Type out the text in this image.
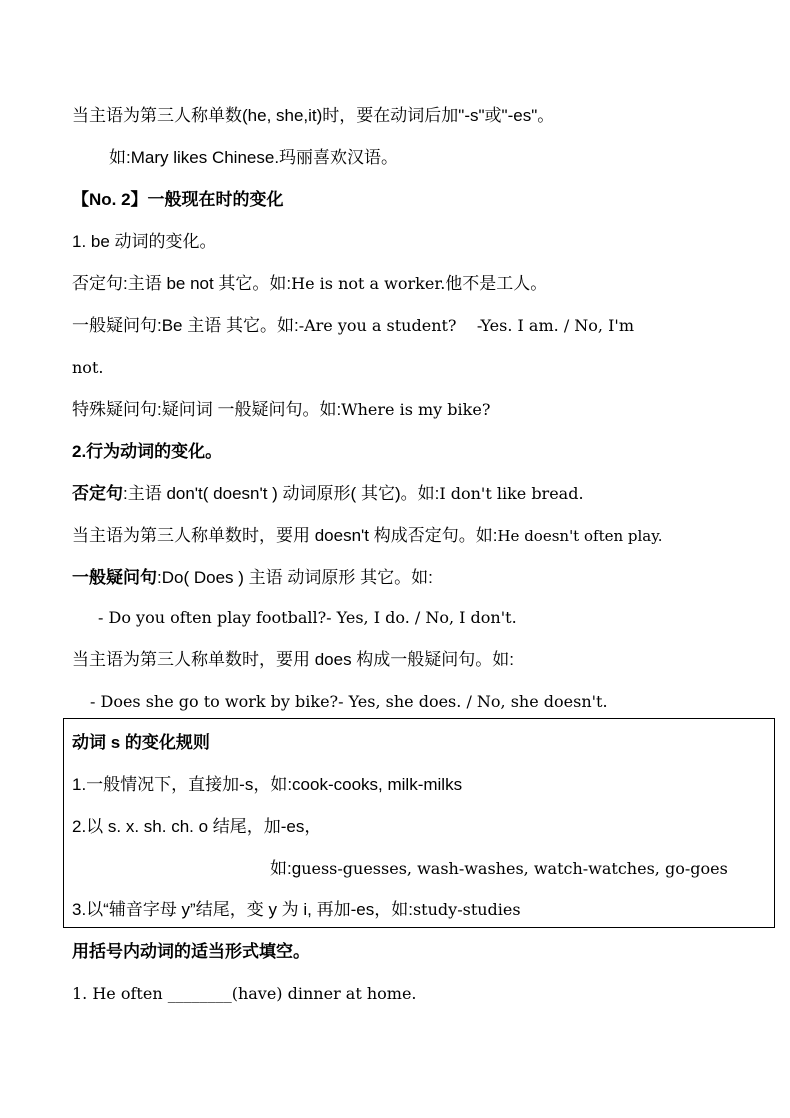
当主语为第三人称单数(he, she,it)时，要在动词后加"-s"或"-es"。
如:Mary likes Chinese.玛丽喜欢汉语。
【No. 2】一般现在时的变化
1. be 动词的变化。
否定句:主语 be not 其它。如:He is not a worker.他不是工人。
一般疑问句:Be 主语 其它。如:-Are you a student?    -Yes. I am. / No, I'm
not.
特殊疑问句:疑问词 一般疑问句。如:Where is my bike?
2.行为动词的变化。
否定句:主语 don't( doesn't ) 动词原形( 其它)。如:I don't like bread.
当主语为第三人称单数时，要用 doesn't 构成否定句。如:He doesn't often play.
一般疑问句:Do( Does ) 主语 动词原形 其它。如:
- Do you often play football?- Yes, I do. / No, I don't.
当主语为第三人称单数时，要用 does 构成一般疑问句。如:
- Does she go to work by bike?- Yes, she does. / No, she doesn't.
动词 s 的变化规则
1.一般情况下，直接加-s，如:cook-cooks, milk-milks
2.以 s. x. sh. ch. o 结尾，加-es，
如:guess-guesses, wash-washes, watch-watches, go-goes
3.以“辅音字母 y”结尾，变 y 为 i, 再加-es，如:study-studies
用括号内动词的适当形式填空。
1. He often ________(have) dinner at home.
